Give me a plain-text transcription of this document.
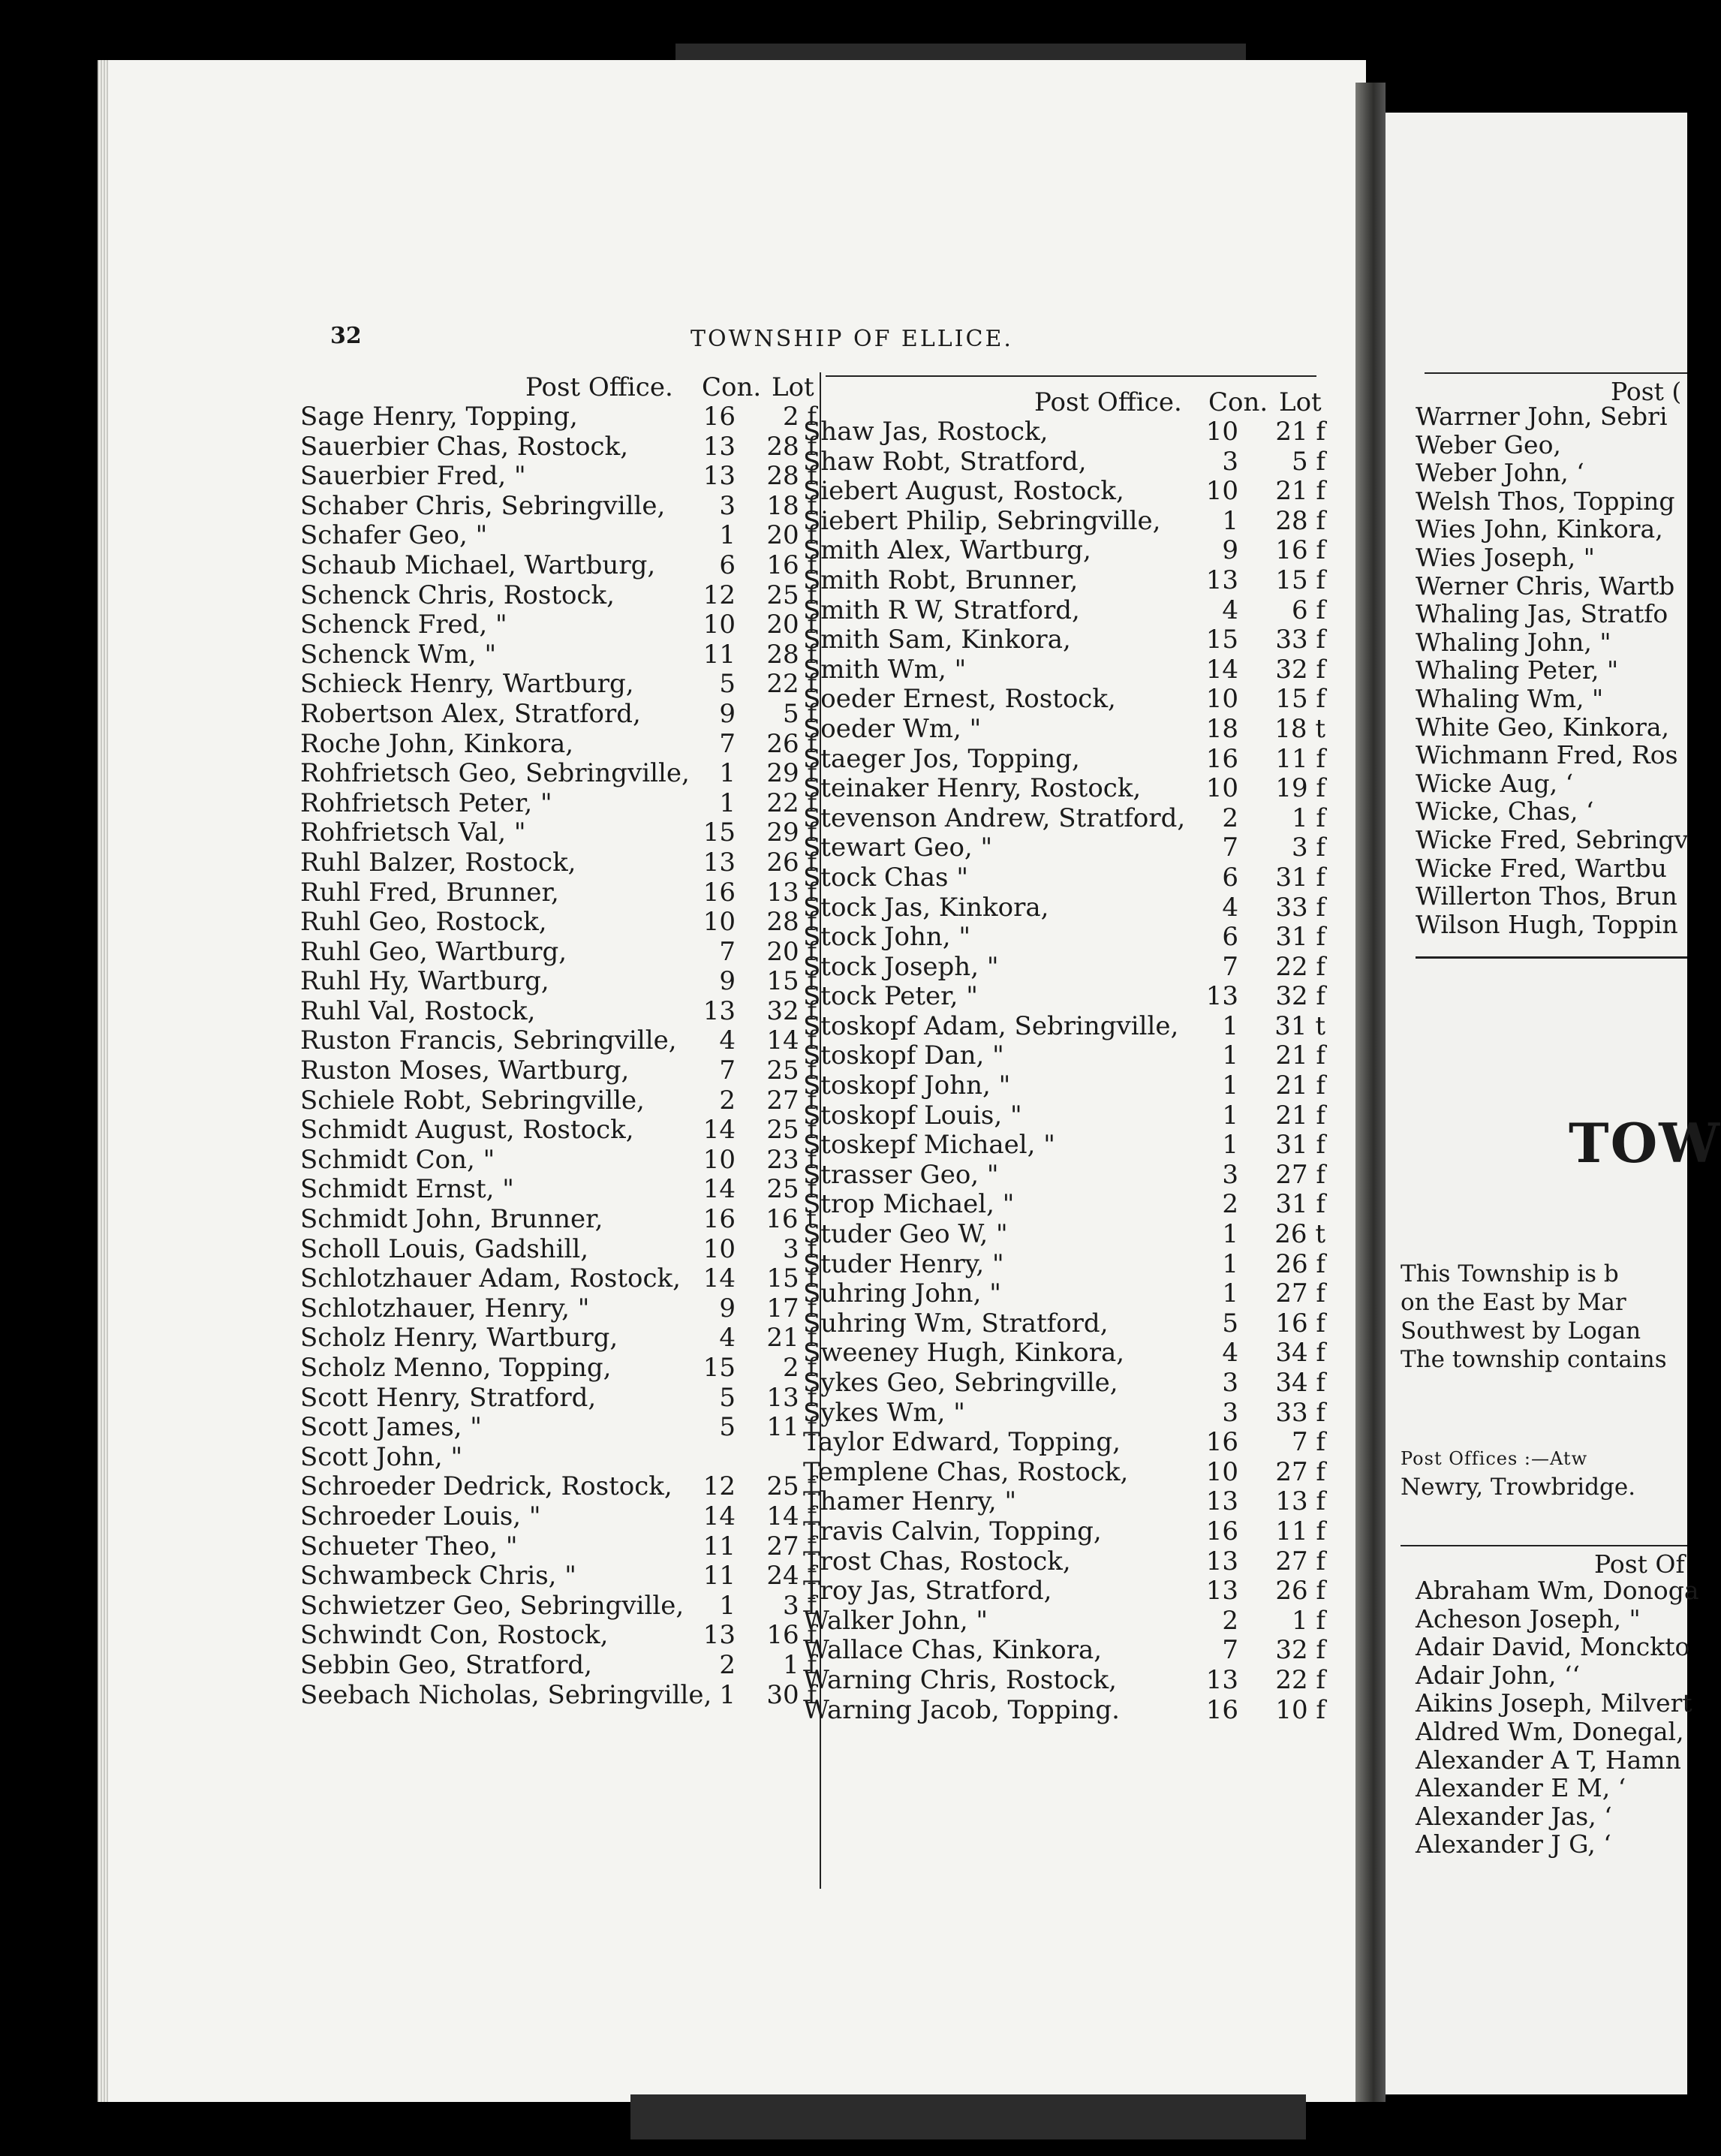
32	TOWNSHIP OF ELLICE.
Post Office. Con. Lot
Sage Henry, Topping,	16	2 f
Sauerbier Chas, Rostock,	13	28 f
Sauerbier Fred, "	13	28 f
Schaber Chris, Sebringville,	3	18 f
Schafer Geo, "	1	20 f
Schaub Michael, Wartburg,	6	16 f
Schenck Chris, Rostock,	12	25 f
Schenck Fred, "	10	20 f
Schenck Wm, "	11	28 f
Schieck Henry, Wartburg,	5	22 f
Robertson Alex, Stratford,	9	5 f
Roche John, Kinkora,	7	26 f
Rohfrietsch Geo, Sebringville,	1	29 f
Rohfrietsch Peter, "	1	22 f
Rohfrietsch Val, "	15	29 f
Ruhl Balzer, Rostock,	13	26 f
Ruhl Fred, Brunner,	16	13 f
Ruhl Geo, Rostock,	10	28 f
Ruhl Geo, Wartburg,	7	20 f
Ruhl Hy, Wartburg,	9	15 f
Ruhl Val, Rostock,	13	32 f
Ruston Francis, Sebringville,	4	14 f
Ruston Moses, Wartburg,	7	25 f
Schiele Robt, Sebringville,	2	27 f
Schmidt August, Rostock,	14	25 f
Schmidt Con, "	10	23 f
Schmidt Ernst, "	14	25 f
Schmidt John, Brunner,	16	16 t
Scholl Louis, Gadshill,	10	3 f
Schlotzhauer Adam, Rostock, 14	15 f
Schlotzhauer, Henry, "	9	17 f
Scholz Henry, Wartburg,	4	21 f
Scholz Menno, Topping,	15	2 f
Scott Henry, Stratford,	5	13 f
Scott James, "	5	11 f
Scott John, "
Schroeder Dedrick, Rostock,	12	25 f
Schroeder Louis, "	14	14 f
Schueter Theo, "	11	27 f
Schwambeck Chris, "	11	24 f
Schwietzer Geo, Sebringville,	1	3 f
Schwindt Con, Rostock,	13	16 f
Sebbin Geo, Stratford,	2	1 f
Seebach Nicholas, Sebringville, 1	30 f
Post Office. Con. Lot
Shaw Jas, Rostock,	10	21 f
Shaw Robt, Stratford,	3	5 f
Siebert August, Rostock,	10	21 f
Siebert Philip, Sebringville,	1	28 f
Smith Alex, Wartburg,	9	16 f
Smith Robt, Brunner,	13	15 f
Smith R W, Stratford,	4	6 f
Smith Sam, Kinkora,	15	33 f
Smith Wm, "	14	32 f
Soeder Ernest, Rostock,	10	15 f
Soeder Wm, "	18	18 t
Staeger Jos, Topping,	16	11 f
Steinaker Henry, Rostock,	10	19 f
Stevenson Andrew, Stratford,	2	1 f
Stewart Geo, "	7	3 f
Stock Chas "	6	31 f
Stock Jas, Kinkora,	4	33 f
Stock John, "	6	31 f
Stock Joseph, "	7	22 f
Stock Peter, "	13	32 f
Stoskopf Adam, Sebringville,	1	31 t
Stoskopf Dan, "	1	21 f
Stoskopf John, "	1	21 f
Stoskopf Louis, "	1	21 f
Stoskepf Michael, "	1	31 f
Strasser Geo, "	3	27 f
Strop Michael, "	2	31 f
Studer Geo W, "	1	26 t
Studer Henry, "	1	26 f
Suhring John, "	1	27 f
Suhring Wm, Stratford,	5	16 f
Sweeney Hugh, Kinkora,	4	34 f
Sykes Geo, Sebringville,	3	34 f
Sykes Wm, "	3	33 f
Taylor Edward, Topping,	16	7 f
Templene Chas, Rostock,	10	27 f
Thamer Henry, "	13	13 f
Travis Calvin, Topping,	16	11 f
Trost Chas, Rostock,	13	27 f
Troy Jas, Stratford,	13	26 f
Walker John, "	2	1 f
Wallace Chas, Kinkora,	7	32 f
Warning Chris, Rostock,	13	22 f
Warning Jacob, Topping.	16	10 f
Post (
Warrner John, Sebri
Weber Geo,
Weber John, ‘
Welsh Thos, Topping
Wies John, Kinkora,
Wies Joseph, "
Werner Chris, Wartb
Whaling Jas, Stratfo
Whaling John, "
Whaling Peter, "
Whaling Wm, "
White Geo, Kinkora,
Wichmann Fred, Ros
Wicke Aug, ‘
Wicke, Chas, ‘
Wicke Fred, Sebringv
Wicke Fred, Wartbu
Willerton Thos, Brun
Wilson Hugh, Toppin
TOW
This Township is b
on the East by Mar
Southwest by Logan
The township contains
Post Offices :—Atw
Newry, Trowbridge.
Post Of
Abraham Wm, Donoga
Acheson Joseph, "
Adair David, Monckto
Adair John, ‘‘
Aikins Joseph, Milvert
Aldred Wm, Donegal,
Alexander A T, Hamn
Alexander E M, ‘
Alexander Jas, ‘
Alexander J G, ‘
